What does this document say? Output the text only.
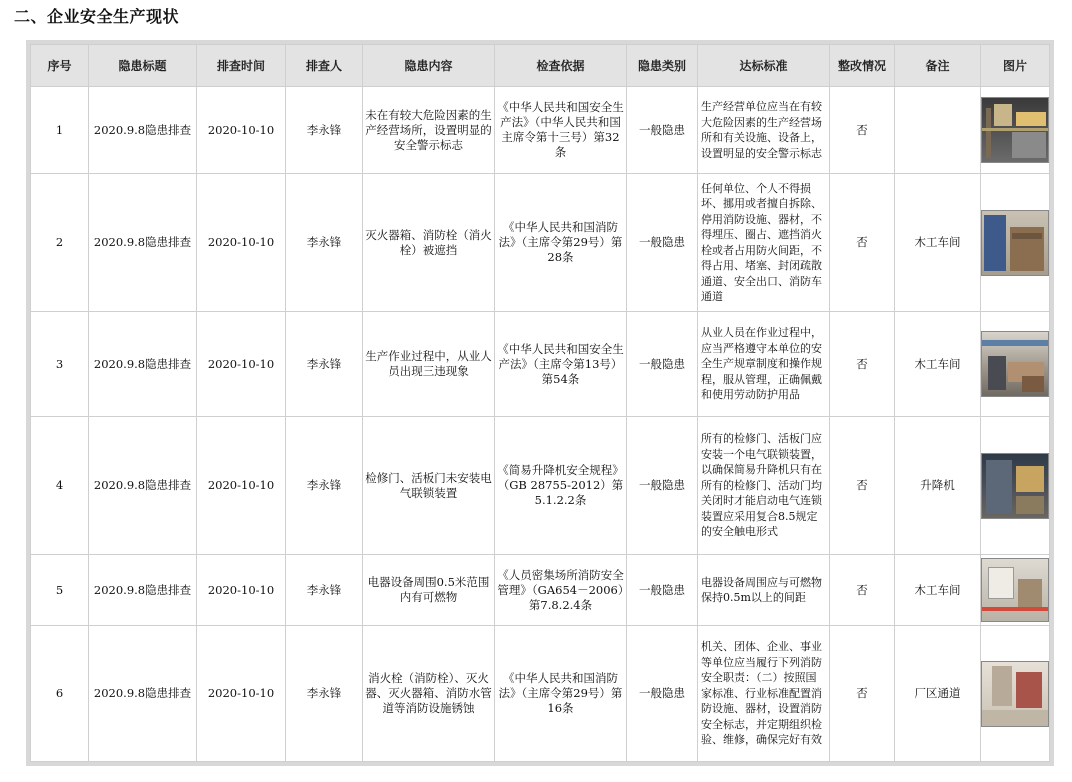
二、企业安全生产现状
序号	隐患标题	排查时间	排查人	隐患内容	检查依据	隐患类别	达标标准	整改情况	备注	图片
1	2020.9.8隐患排查	2020-10-10	李永锋	未在有较大危险因素的生产经营场所，设置明显的安全警示标志	《中华人民共和国安全生产法》（中华人民共和国主席令第十三号）第32条	一般隐患	生产经营单位应当在有较大危险因素的生产经营场所和有关设施、设备上，设置明显的安全警示标志	否		

2	2020.9.8隐患排查	2020-10-10	李永锋	灭火器箱、消防栓（消火栓）被遮挡	《中华人民共和国消防法》（主席令第29号）第28条	一般隐患	任何单位、个人不得损坏、挪用或者擅自拆除、停用消防设施、器材，不得埋压、圈占、遮挡消火栓或者占用防火间距，不得占用、堵塞、封闭疏散通道、安全出口、消防车通道	否	木工车间	

3	2020.9.8隐患排查	2020-10-10	李永锋	生产作业过程中，从业人员出现三违现象	《中华人民共和国安全生产法》（主席令第13号）第54条	一般隐患	从业人员在作业过程中，应当严格遵守本单位的安全生产规章制度和操作规程，服从管理，正确佩戴和使用劳动防护用品	否	木工车间	

4	2020.9.8隐患排查	2020-10-10	李永锋	检修门、活板门未安装电气联锁装置	《简易升降机安全规程》（GB 28755-2012）第5.1.2.2条	一般隐患	所有的检修门、活板门应安装一个电气联锁装置，以确保简易升降机只有在所有的检修门、活动门均关闭时才能启动电气连锁装置应采用复合8.5规定的安全触电形式	否	升降机	

5	2020.9.8隐患排查	2020-10-10	李永锋	电器设备周围0.5米范围内有可燃物	《人员密集场所消防安全管理》（GA654－2006）第7.8.2.4条	一般隐患	电器设备周围应与可燃物保持0.5m以上的间距	否	木工车间	

6	2020.9.8隐患排查	2020-10-10	李永锋	消火栓（消防栓）、灭火器、灭火器箱、消防水管道等消防设施锈蚀	《中华人民共和国消防法》（主席令第29号）第16条	一般隐患	机关、团体、企业、事业等单位应当履行下列消防安全职责：（二）按照国家标准、行业标准配置消防设施、器材，设置消防安全标志，并定期组织检验、维修，确保完好有效	否	厂区通道	
